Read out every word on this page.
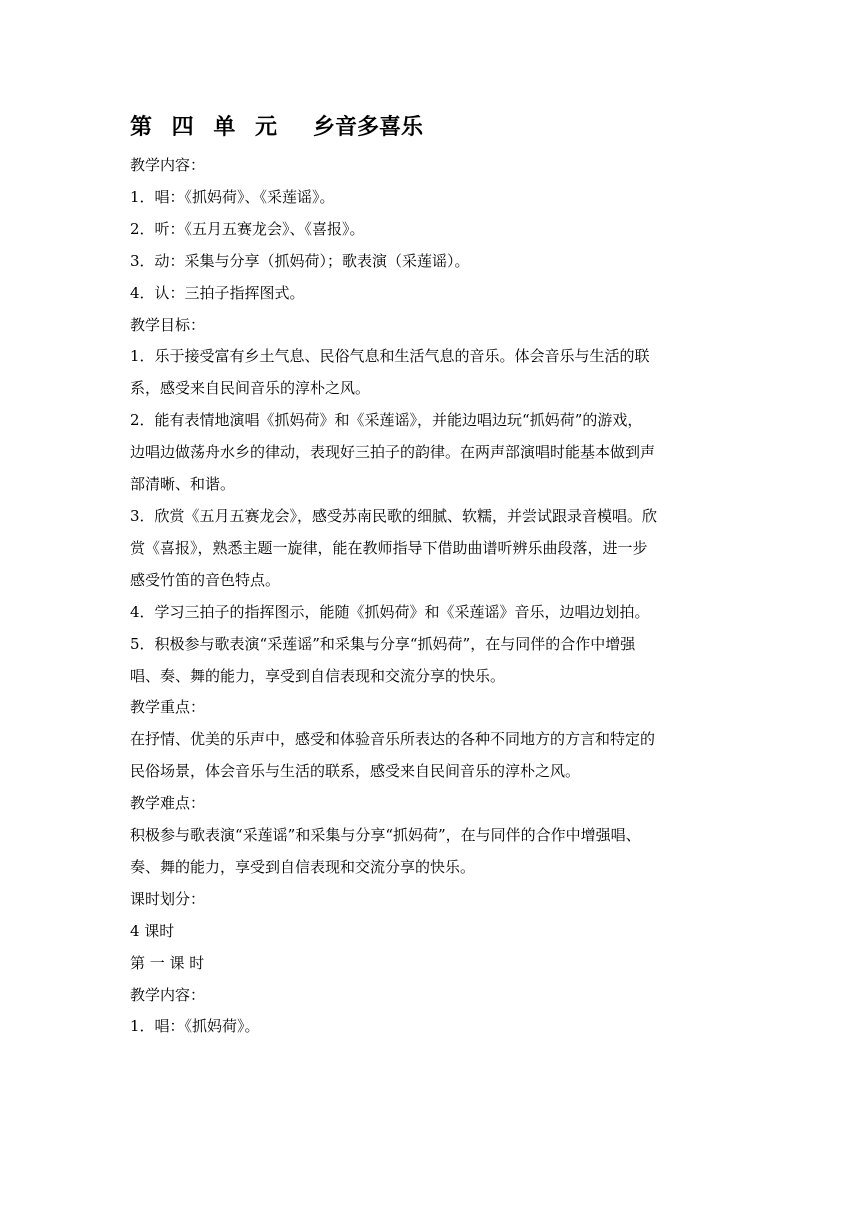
第 四 单 元 乡音多喜乐

教学内容：

1．唱：《抓妈荷》、《采莲谣》。

2．听：《五月五赛龙会》、《喜报》。

3．动：采集与分享（抓妈荷）；歌表演（采莲谣）。

4．认：三拍子指挥图式。

教学目标：

1．乐于接受富有乡土气息、民俗气息和生活气息的音乐。体会音乐与生活的联

系，感受来自民间音乐的淳朴之风。

2．能有表情地演唱《抓妈荷》和《采莲谣》，并能边唱边玩“抓妈荷”的游戏，

边唱边做荡舟水乡的律动，表现好三拍子的韵律。在两声部演唱时能基本做到声

部清晰、和谐。

3．欣赏《五月五赛龙会》，感受苏南民歌的细腻、软糯，并尝试跟录音模唱。欣

赏《喜报》，熟悉主题一旋律，能在教师指导下借助曲谱听辨乐曲段落，进一步

感受竹笛的音色特点。

4．学习三拍子的指挥图示，能随《抓妈荷》和《采莲谣》音乐，边唱边划拍。

5．积极参与歌表演“采莲谣”和采集与分享“抓妈荷”，在与同伴的合作中增强

唱、奏、舞的能力，享受到自信表现和交流分享的快乐。

教学重点：

在抒情、优美的乐声中，感受和体验音乐所表达的各种不同地方的方言和特定的

民俗场景，体会音乐与生活的联系，感受来自民间音乐的淳朴之风。

教学难点：

积极参与歌表演“采莲谣”和采集与分享“抓妈荷”，在与同伴的合作中增强唱、

奏、舞的能力，享受到自信表现和交流分享的快乐。

课时划分：

4 课时

第 一 课 时

教学内容：

1．唱：《抓妈荷》。
